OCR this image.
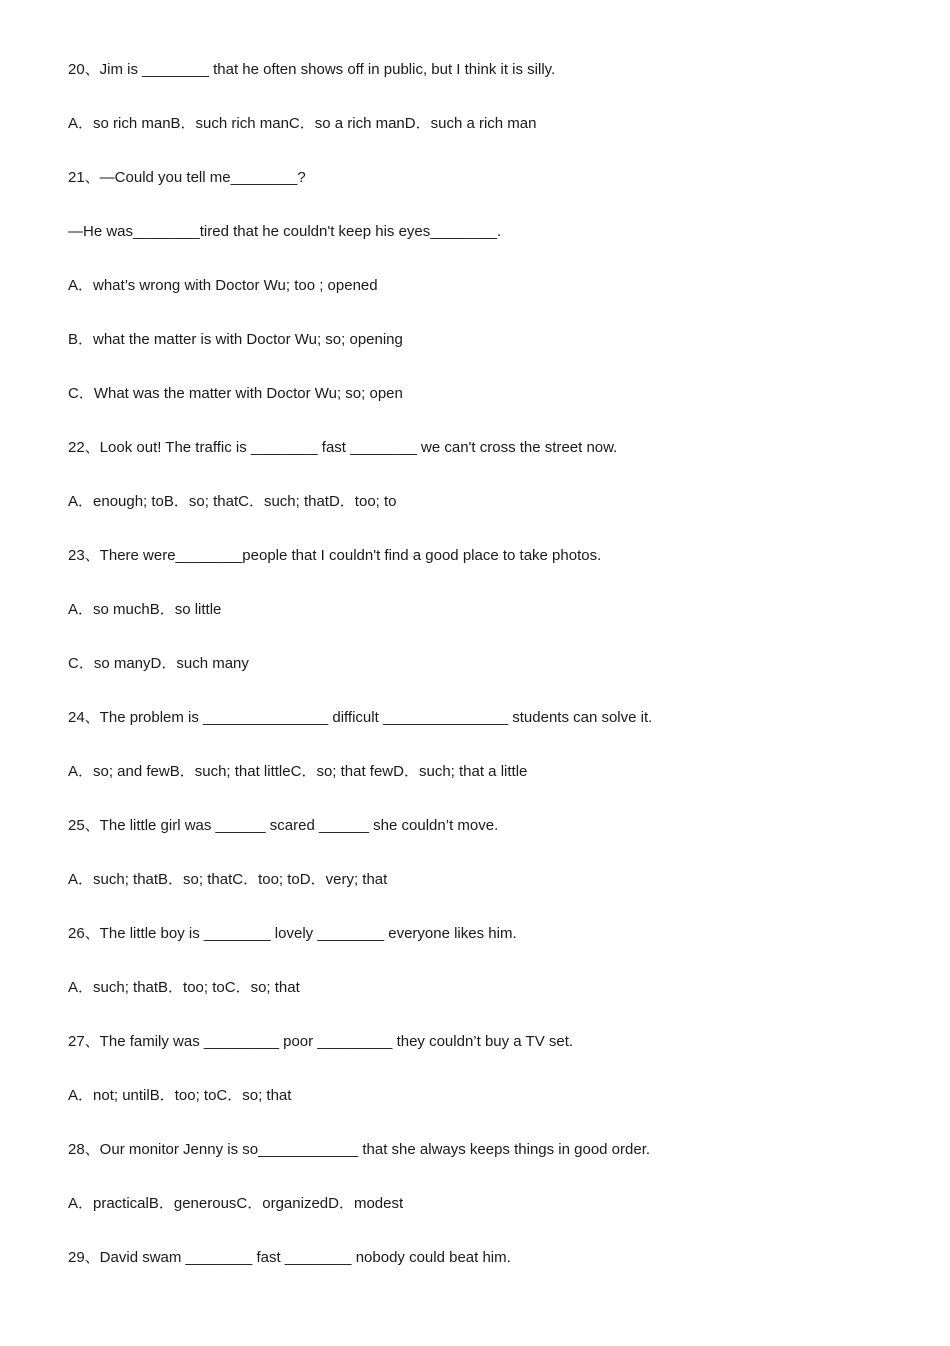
20、Jim is ________ that he often shows off in public, but I think it is silly.
A．so rich manB．such rich manC．so a rich manD．such a rich man
21、—Could you tell me________?
—He was________tired that he couldn't keep his eyes________.
A．what’s wrong with Doctor Wu; too ; opened
B．what the matter is with Doctor Wu; so; opening
C．What was the matter with Doctor Wu; so; open
22、Look out! The traffic is ________ fast ________ we can't cross the street now.
A．enough; toB．so; thatC．such; thatD．too; to
23、There were________people that I couldn't find a good place to take photos.
A．so muchB．so little
C．so manyD．such many
24、The problem is _______________ difficult _______________ students can solve it.
A．so; and fewB．such; that littleC．so; that fewD．such; that a little
25、The little girl was ______ scared ______ she couldn’t move.
A．such; thatB．so; thatC．too; toD．very; that
26、The little boy is ________ lovely ________ everyone likes him.
A．such; thatB．too; toC．so; that
27、The family was _________ poor _________ they couldn’t buy a TV set.
A．not; untilB．too; toC．so; that
28、Our monitor Jenny is so____________ that she always keeps things in good order.
A．practicalB．generousC．organizedD．modest
29、David swam ________ fast ________ nobody could beat him.
